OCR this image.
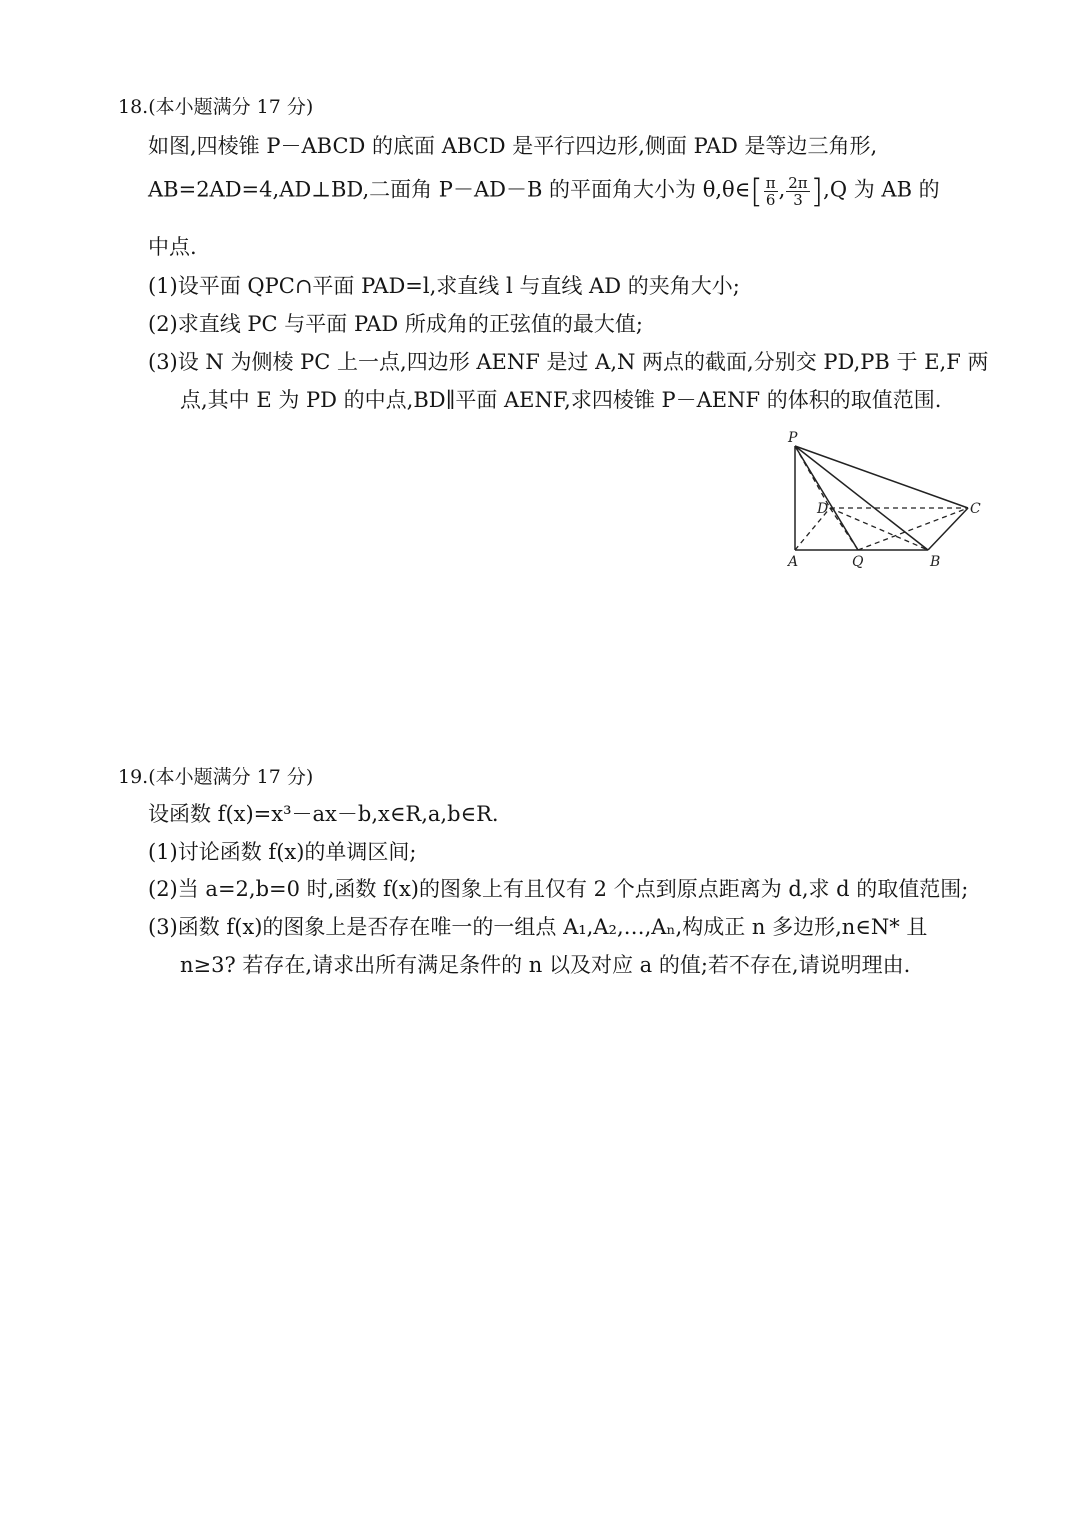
18.(本小题满分 17 分)
如图,四棱锥 P－ABCD 的底面 ABCD 是平行四边形,侧面 PAD 是等边三角形,
AB=2AD=4,AD⊥BD,二面角 P－AD－B 的平面角大小为 θ,θ∈[ $\frac{\pi}{6}$ , $\frac{2\pi}{3} ],Q$ 为 AB 的
中点.
(1)设平面 QPC∩平面 PAD=l,求直线 l 与直线 AD 的夹角大小;
(2)求直线 PC 与平面 PAD 所成角的正弦值的最大值;
(3)设 N 为侧棱 PC 上一点,四边形 AENF 是过 A,N 两点的截面,分别交 PD,PB 于 E,F 两
点,其中 E 为 PD 的中点,BD∥平面 AENF,求四棱锥 P－AENF 的体积的取值范围.
P
D	C
A	Q	B
19.(本小题满分 17 分)
设函数 f(x)=x³－ax－b,x∈R,a,b∈R.
(1)讨论函数 f(x)的单调区间;
(2)当 a=2,b=0 时,函数 f(x)的图象上有且仅有 2 个点到原点距离为 d,求 d 的取值范围;
(3)函数 f(x)的图象上是否存在唯一的一组点 A₁,A₂,…,Aₙ,构成正 n 多边形,n∈N* 且
n≥3? 若存在,请求出所有满足条件的 n 以及对应 a 的值;若不存在,请说明理由.
